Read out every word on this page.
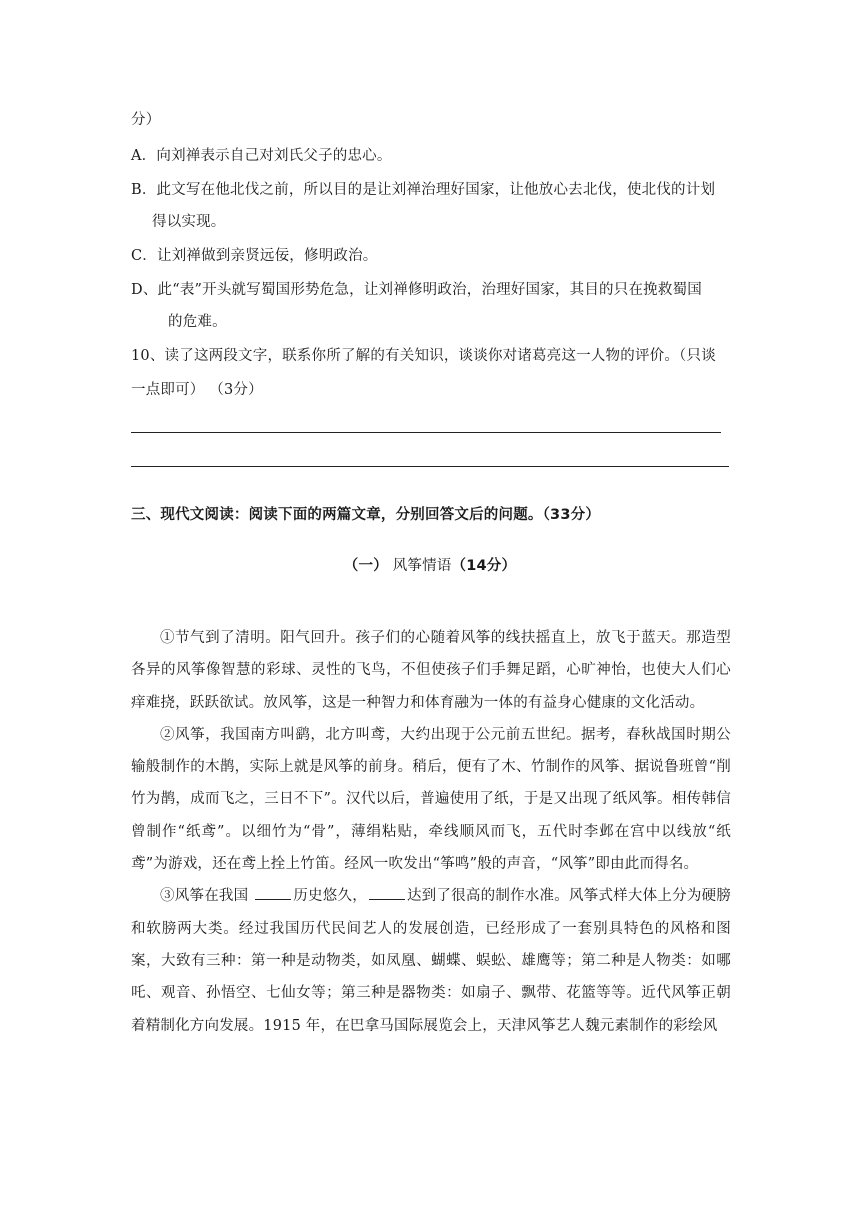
分）
A．向刘禅表示自己对刘氏父子的忠心。
B．此文写在他北伐之前，所以目的是让刘禅治理好国家，让他放心去北伐，使北伐的计划
得以实现。
C．让刘禅做到亲贤远佞，修明政治。
D、此“表”开头就写蜀国形势危急，让刘禅修明政治，治理好国家，其目的只在挽救蜀国
的危难。
10、读了这两段文字，联系你所了解的有关知识，谈谈你对诸葛亮这一人物的评价。（只谈
一点即可） （3分）
三、现代文阅读：阅读下面的两篇文章，分别回答文后的问题。（33分）
（一） 风筝情语（14分）

①节气到了清明。阳气回升。孩子们的心随着风筝的线扶摇直上，放飞于蓝天。那造型各异的风筝像智慧的彩球、灵性的飞鸟，不但使孩子们手舞足蹈，心旷神怡，也使大人们心痒难挠，跃跃欲试。放风筝，这是一种智力和体育融为一体的有益身心健康的文化活动。

②风筝，我国南方叫鹞，北方叫鸢，大约出现于公元前五世纪。据考，春秋战国时期公输般制作的木鹊，实际上就是风筝的前身。稍后，便有了木、竹制作的风筝、据说鲁班曾“削竹为鹊，成而飞之，三日不下”。汉代以后，普遍使用了纸，于是又出现了纸风筝。相传韩信曾制作“纸鸢”。以细竹为“骨”，薄绢粘贴，牵线顺风而飞，五代时李邺在宫中以线放“纸鸢”为游戏，还在鸢上拴上竹笛。经风一吹发出“筝鸣”般的声音，“风筝”即由此而得名。

③风筝在我国	历史悠久，	达到了很高的制作水准。风筝式样大体上分为硬膀和软膀两大类。经过我国历代民间艺人的发展创造，已经形成了一套别具特色的风格和图案，大致有三种：第一种是动物类，如凤凰、蝴蝶、蜈蚣、雄鹰等；第二种是人物类：如哪吒、观音、孙悟空、七仙女等；第三种是器物类：如扇子、飘带、花篮等等。近代风筝正朝着精制化方向发展。1915 年，在巴拿马国际展览会上，天津风筝艺人魏元素制作的彩绘风
